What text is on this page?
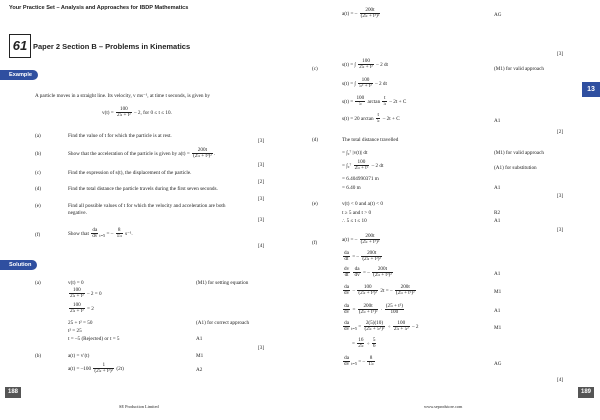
Your Practice Set – Analysis and Approaches for IBDP Mathematics
61 Paper 2 Section B – Problems in Kinematics
Example
A particle moves in a straight line. Its velocity, v ms⁻¹, at time t seconds, is given by
$v(t) = \frac{100}{\text{25 + t²}} - 2$, for 0 ≤ t ≤ 10.
(a)	Find the value of t for which the particle is at rest.
[3]
(b)	Show that the acceleration of the particle is given by $a(t) = \frac{200t}{\text{(25 + t²)²}}$ .
[3]
(c)	Find the expression of s(t), the displacement of the particle.
[2]
(d)	Find the total distance the particle travels during the first seven seconds.
[3]
(e)	Find all possible values of t for which the velocity and acceleration are both
negative.
[3]
(f)	Show that $\frac{da}{dv} _{t=5}$ = – $\frac{8}{15} s^{-1}$.
[4]
Solution
(a)	v(t) = 0	(M1) for setting equation
$\frac{100}{\text{25 + t²}} - 2 = 0$
$\frac{100}{\text{25 + t²}} = 2$
25 + t² = 50	(A1) for correct approach
t² = 25
t = –5 (Rejected) or t = 5	A1
[3]
(b)	a(t) = v′(t)	M1
$a(t) = -100 \frac{1}{\text{(25 + t²)²}} (2t)$	A2
188
SE Production Limited
a(t) = – $\frac{200t}{\text{(25 + t²)²}}$	AG
[3]
(c)
s(t) = ∫ $\frac{100}{\text{25 + t²}} - 2$ dt
(M1) for valid approach
s(t) = ∫ $\frac{100}{\text{5² + t²}} - 2$ dt
$s(t) = \frac{100}{5}$ $\arctan \frac{t}{5} - 2t + C$
s(t) = 20 $\arctan \frac{t}{5} - 2t + C$	A1
[2]
(d)	The total distance travelled
= ∫₀⁷ |v(t)| dt	(M1) for valid approach
= $\int_0^7 \frac{100}{\text{25 + t²}} - 2$ dt	(A1) for substitution
= 6.404990371 m
= 6.40 m	A1
[3]
(e)	v(t) < 0 and a(t) < 0
t ≥ 5 and t > 0	R2
∴ 5 ≤ t ≤ 10	A1
[3]
(f)	a(t) = – $\frac{200t}{\text{(25 + t²)²}}$
$\frac{da}{dt}$ = – $\frac{200t}{\text{(25 + t²)²}}$
$\frac{dv}{dt}$
$\frac{da}{dv}$ = – $\frac{200t}{\text{(25 + t²)²}}$	A1
$\frac{da}{dv} - \frac{100}{\text{(25 + t²)²}} 2t$ = – $\frac{200t}{\text{(25 + t²)²}}$	M1
$\frac{da}{dv} = \frac{200t}{\text{(25 + t²)²}} \cdot \frac{\text{(25 + t²)}}{100}$	A1
$\frac{da}{dv} _{t=5} = \frac{2(5)(10)}{\text{(25 + 5²)²}} \div \frac{100}{\text{25 + 5²}} - 2$	M1
= $\frac{16}{25} \div \frac{5}{6}$
$\frac{da}{dv} _{t=5}$ = – $\frac{8}{15}$	AG
[4]
13
189
www.seprodstore.com
